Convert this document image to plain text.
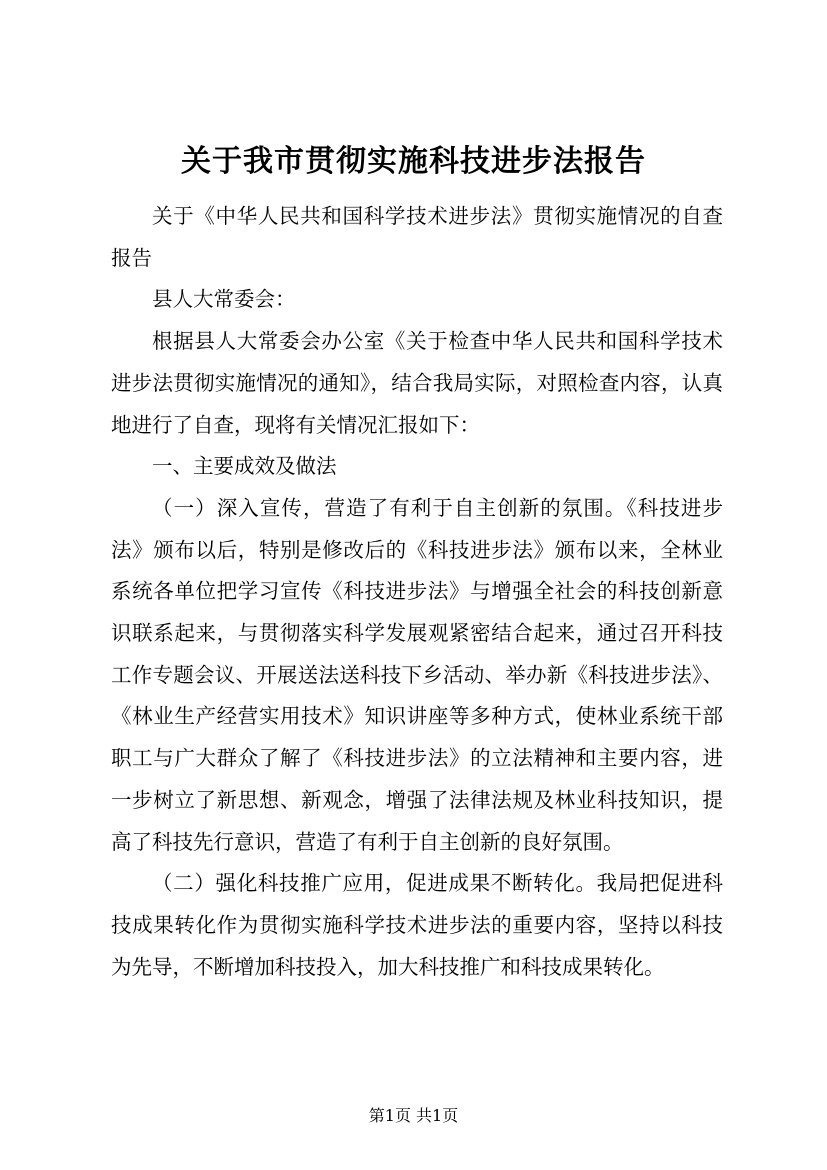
关于我市贯彻实施科技进步法报告

关于《中华人民共和国科学技术进步法》贯彻实施情况的自查报告

县人大常委会：

根据县人大常委会办公室《关于检查中华人民共和国科学技术进步法贯彻实施情况的通知》，结合我局实际，对照检查内容，认真地进行了自查，现将有关情况汇报如下：

一、主要成效及做法

（一）深入宣传，营造了有利于自主创新的氛围。《科技进步法》颁布以后，特别是修改后的《科技进步法》颁布以来，全林业系统各单位把学习宣传《科技进步法》与增强全社会的科技创新意识联系起来，与贯彻落实科学发展观紧密结合起来，通过召开科技工作专题会议、开展送法送科技下乡活动、举办新《科技进步法》、《林业生产经营实用技术》知识讲座等多种方式，使林业系统干部职工与广大群众了解了《科技进步法》的立法精神和主要内容，进一步树立了新思想、新观念，增强了法律法规及林业科技知识，提高了科技先行意识，营造了有利于自主创新的良好氛围。

（二）强化科技推广应用，促进成果不断转化。我局把促进科技成果转化作为贯彻实施科学技术进步法的重要内容，坚持以科技为先导，不断增加科技投入，加大科技推广和科技成果转化。

第1页 共1页
